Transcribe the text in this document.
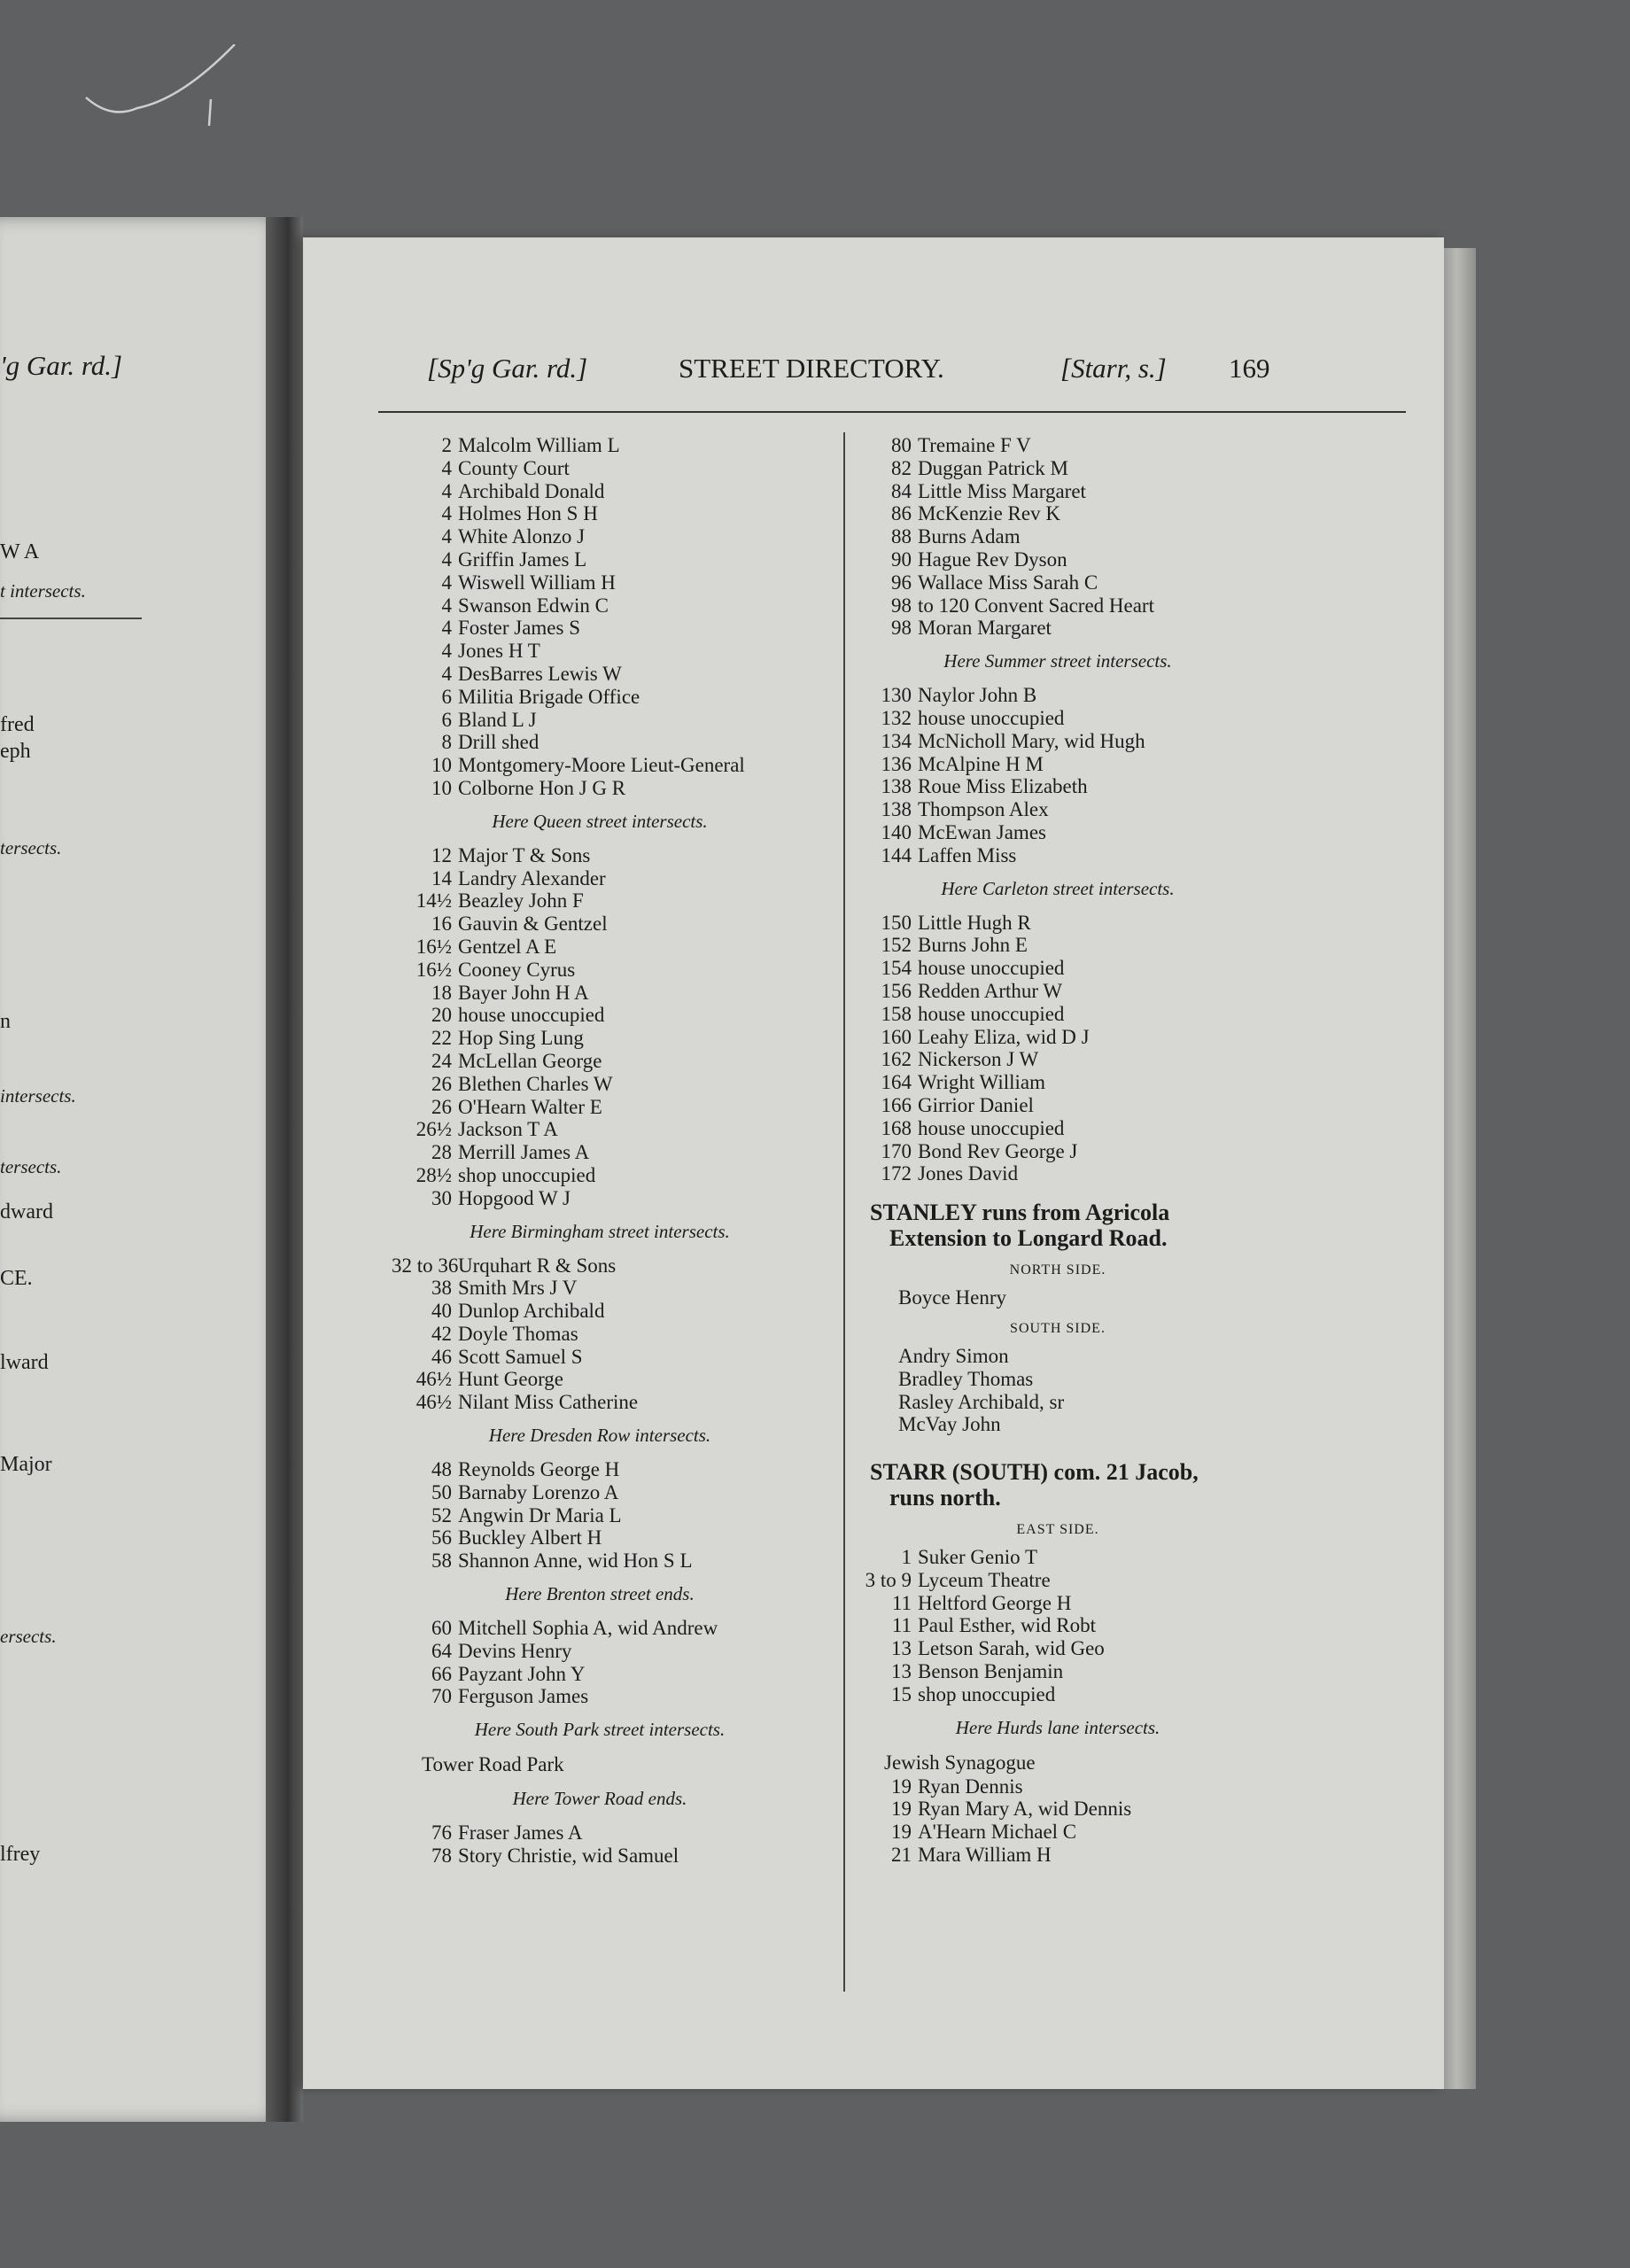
'g Gar. rd.]
W A
t intersects.
fred
eph
tersects.
n
intersects.
tersects.
dward
CE.
lward
Major
ersects.
lfrey
[Sp'g Gar. rd.]	STREET DIRECTORY.	[Starr, s.] 169
2 Malcolm William L
4 County Court
4 Archibald Donald
4 Holmes Hon S H
4 White Alonzo J
4 Griffin James L
4 Wiswell William H
4 Swanson Edwin C
4 Foster James S
4 Jones H T
4 DesBarres Lewis W
6 Militia Brigade Office
6 Bland L J
8 Drill shed
10 Montgomery-Moore Lieut-General
10 Colborne Hon J G R
Here Queen street intersects.
12 Major T & Sons
14 Landry Alexander
14½ Beazley John F
16 Gauvin & Gentzel
16½ Gentzel A E
16½ Cooney Cyrus
18 Bayer John H A
20 house unoccupied
22 Hop Sing Lung
24 McLellan George
26 Blethen Charles W
26 O'Hearn Walter E
26½ Jackson T A
28 Merrill James A
28½ shop unoccupied
30 Hopgood W J
Here Birmingham street intersects.
32 to 36 Urquhart R & Sons
38 Smith Mrs J V
40 Dunlop Archibald
42 Doyle Thomas
46 Scott Samuel S
46½ Hunt George
46½ Nilant Miss Catherine
Here Dresden Row intersects.
48 Reynolds George H
50 Barnaby Lorenzo A
52 Angwin Dr Maria L
56 Buckley Albert H
58 Shannon Anne, wid Hon S L
Here Brenton street ends.
60 Mitchell Sophia A, wid Andrew
64 Devins Henry
66 Payzant John Y
70 Ferguson James
Here South Park street intersects.
Tower Road Park
Here Tower Road ends.
76 Fraser James A
78 Story Christie, wid Samuel
80 Tremaine F V
82 Duggan Patrick M
84 Little Miss Margaret
86 McKenzie Rev K
88 Burns Adam
90 Hague Rev Dyson
96 Wallace Miss Sarah C
98 to 120 Convent Sacred Heart
98 Moran Margaret
Here Summer street intersects.
130 Naylor John B
132 house unoccupied
134 McNicholl Mary, wid Hugh
136 McAlpine H M
138 Roue Miss Elizabeth
138 Thompson Alex
140 McEwan James
144 Laffen Miss
Here Carleton street intersects.
150 Little Hugh R
152 Burns John E
154 house unoccupied
156 Redden Arthur W
158 house unoccupied
160 Leahy Eliza, wid D J
162 Nickerson J W
164 Wright William
166 Girrior Daniel
168 house unoccupied
170 Bond Rev George J
172 Jones David
STANLEY runs from Agricola
Extension to Longard Road.
NORTH SIDE.
Boyce Henry
SOUTH SIDE.
Andry Simon
Bradley Thomas
Rasley Archibald, sr
McVay John
STARR (SOUTH) com. 21 Jacob,
runs north.
EAST SIDE.
1 Suker Genio T
3 to 9 Lyceum Theatre
11 Heltford George H
11 Paul Esther, wid Robt
13 Letson Sarah, wid Geo
13 Benson Benjamin
15 shop unoccupied
Here Hurds lane intersects.
Jewish Synagogue
19 Ryan Dennis
19 Ryan Mary A, wid Dennis
19 A'Hearn Michael C
21 Mara William H
